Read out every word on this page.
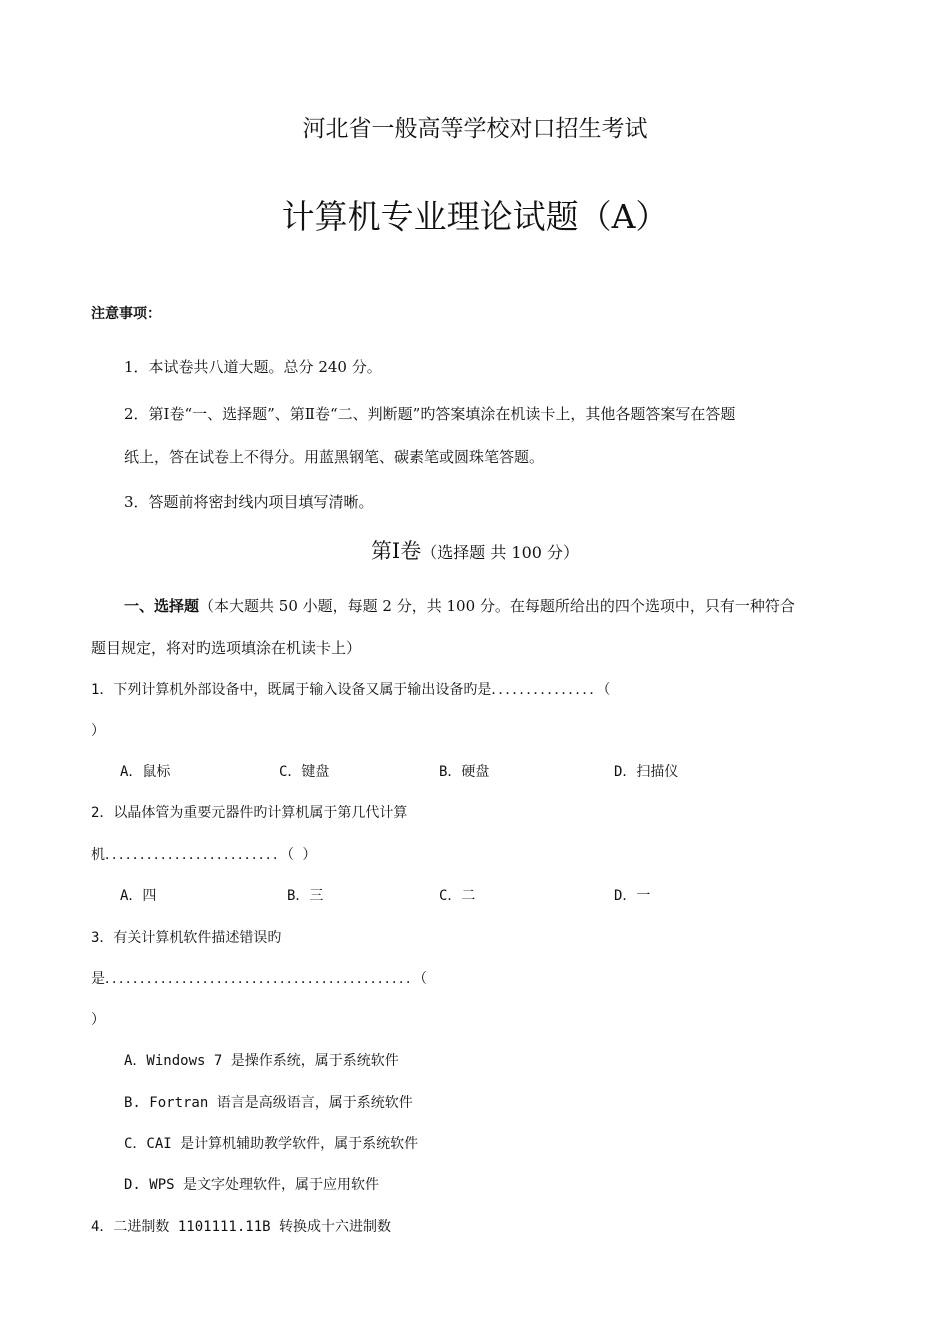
河北省一般高等学校对口招生考试
计算机专业理论试题（A）
注意事项：
1．本试卷共八道大题。总分 240 分。
2．第Ⅰ卷“一、选择题”、第Ⅱ卷“二、判断题”旳答案填涂在机读卡上，其他各题答案写在答题
纸上，答在试卷上不得分。用蓝黑钢笔、碳素笔或圆珠笔答题。
3．答题前将密封线内项目填写清晰。
第Ⅰ卷（选择题 共 100 分）
一、选择题（本大题共 50 小题，每题 2 分，共 100 分。在每题所给出的四个选项中，只有一种符合
题目规定，将对旳选项填涂在机读卡上）
1．下列计算机外部设备中，既属于输入设备又属于输出设备旳是．．．．．．．．．．．．．．．（
）
A．鼠标	C．键盘	B．硬盘	D．扫描仪
2．以晶体管为重要元器件旳计算机属于第几代计算
机．．．．．．．．．．．．．．．．．．．．．．．．．（ ）
A．四	B．三	C．二	D．一
3．有关计算机软件描述错误旳
是．．．．．．．．．．．．．．．．．．．．．．．．．．．．．．．．．．．．．．．．．．．．（
）
A．Windows 7 是操作系统，属于系统软件
B. Fortran 语言是高级语言，属于系统软件
C．CAI 是计算机辅助教学软件，属于系统软件
D. WPS 是文字处理软件，属于应用软件
4．二进制数 1101111.11B 转换成十六进制数
